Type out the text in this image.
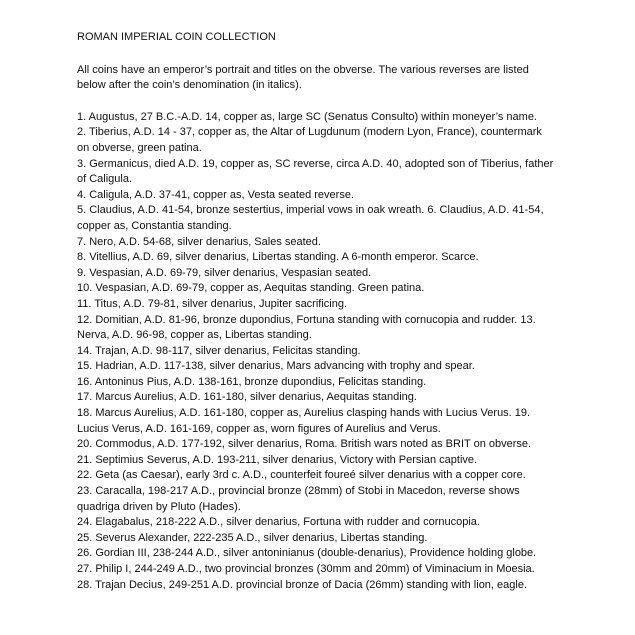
ROMAN IMPERIAL COIN COLLECTION

All coins have an emperor’s portrait and titles on the obverse. The various reverses are listed below after the coin’s denomination (in italics).

1. Augustus, 27 B.C.-A.D. 14, copper as, large SC (Senatus Consulto) within moneyer’s name.

2. Tiberius, A.D. 14 - 37, copper as, the Altar of Lugdunum (modern Lyon, France), countermark on obverse, green patina.

3. Germanicus, died A.D. 19, copper as, SC reverse, circa A.D. 40, adopted son of Tiberius, father of Caligula.

4. Caligula, A.D. 37-41, copper as, Vesta seated reverse.

5. Claudius, A.D. 41-54, bronze sestertius, imperial vows in oak wreath. 6. Claudius, A.D. 41-54, copper as, Constantia standing.

7. Nero, A.D. 54-68, silver denarius, Sales seated.

8. Vitellius, A.D. 69, silver denarius, Libertas standing. A 6-month emperor. Scarce.

9. Vespasian, A.D. 69-79, silver denarius, Vespasian seated.

10. Vespasian, A.D. 69-79, copper as, Aequitas standing. Green patina.

11. Titus, A.D. 79-81, silver denarius, Jupiter sacrificing.

12. Domitian, A.D. 81-96, bronze dupondius, Fortuna standing with cornucopia and rudder. 13. Nerva, A.D. 96-98, copper as, Libertas standing.

14. Trajan, A.D. 98-117, silver denarius, Felicitas standing.

15. Hadrian, A.D. 117-138, silver denarius, Mars advancing with trophy and spear.

16. Antoninus Pius, A.D. 138-161, bronze dupondius, Felicitas standing.

17. Marcus Aurelius, A.D. 161-180, silver denarius, Aequitas standing.

18. Marcus Aurelius, A.D. 161-180, copper as, Aurelius clasping hands with Lucius Verus. 19. Lucius Verus, A.D. 161-169, copper as, worn figures of Aurelius and Verus.

20. Commodus, A.D. 177-192, silver denarius, Roma. British wars noted as BRIT on obverse.

21. Septimius Severus, A.D. 193-211, silver denarius, Victory with Persian captive.

22. Geta (as Caesar), early 3rd c. A.D., counterfeit foureé silver denarius with a copper core.

23. Caracalla, 198-217 A.D., provincial bronze (28mm) of Stobi in Macedon, reverse shows quadriga driven by Pluto (Hades).

24. Elagabalus, 218-222 A.D., silver denarius, Fortuna with rudder and cornucopia.

25. Severus Alexander, 222-235 A.D., silver denarius, Libertas standing.

26. Gordian III, 238-244 A.D., silver antoninianus (double-denarius), Providence holding globe.

27. Philip I, 244-249 A.D., two provincial bronzes (30mm and 20mm) of Viminacium in Moesia.

28. Trajan Decius, 249-251 A.D. provincial bronze of Dacia (26mm) standing with lion, eagle.
